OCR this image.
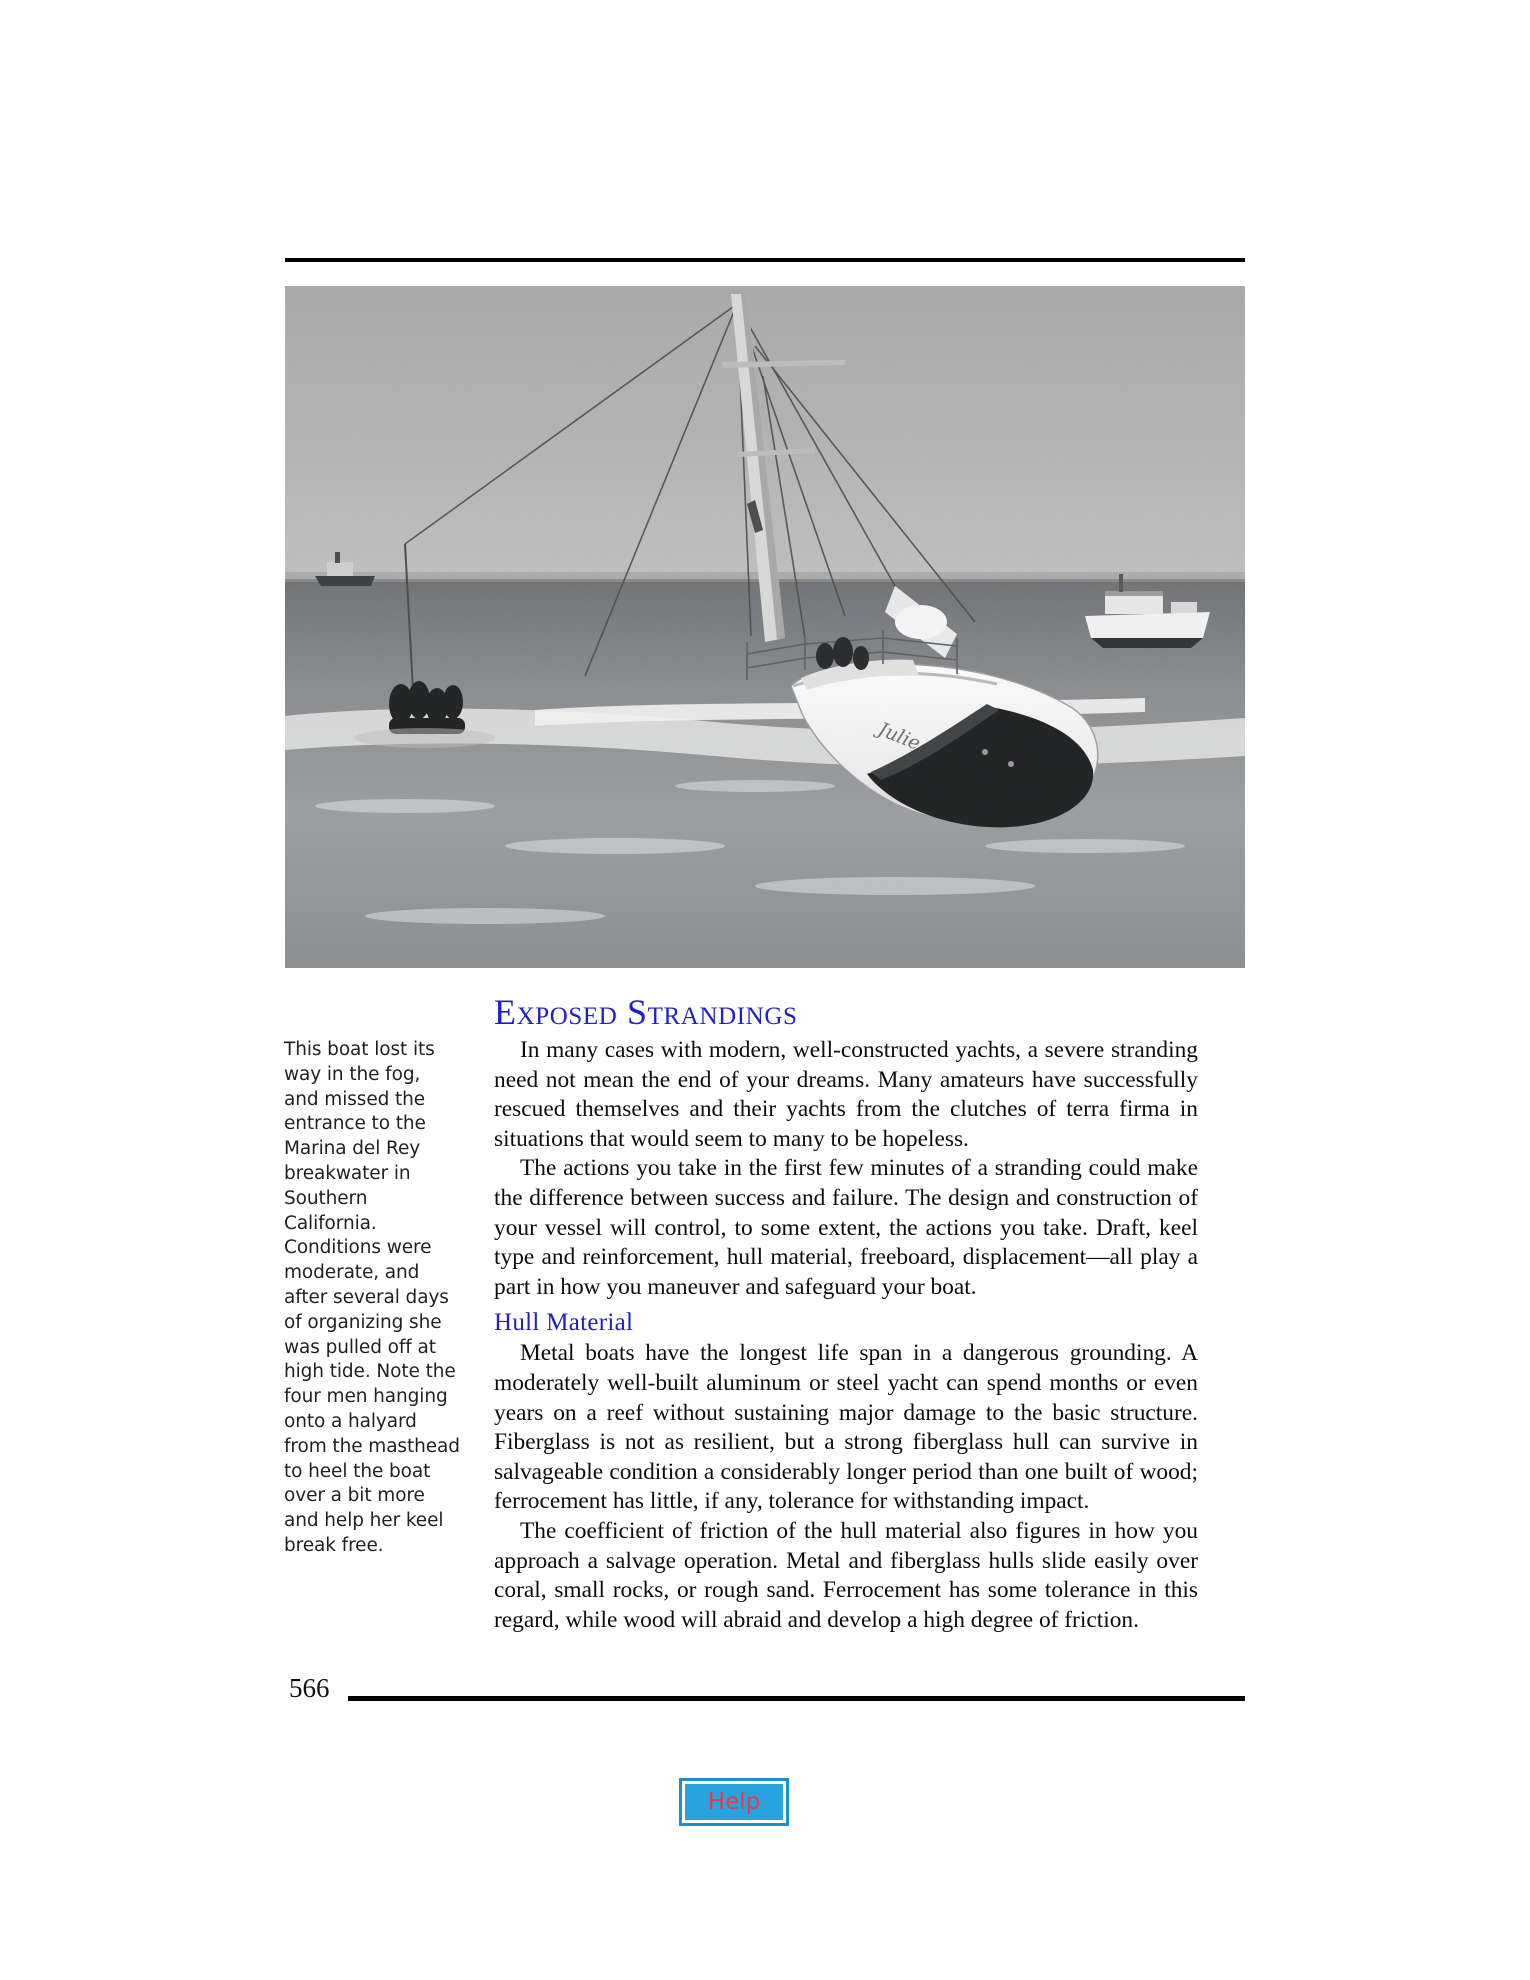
This boat lost its way in the fog, and missed the entrance to the Marina del Rey breakwater in Southern California. Conditions were moderate, and after several days of organizing she was pulled off at high tide. Note the four men hanging onto a halyard from the masthead to heel the boat over a bit more and help her keel break free.
Exposed Strandings

In many cases with modern, well-constructed yachts, a severe stranding need not mean the end of your dreams. Many amateurs have successfully rescued themselves and their yachts from the clutches of terra firma in situations that would seem to many to be hopeless.

The actions you take in the first few minutes of a stranding could make the difference between success and failure. The design and construction of your vessel will control, to some extent, the actions you take. Draft, keel type and reinforcement, hull material, freeboard, displacement—all play a part in how you maneuver and safeguard your boat.

Hull Material

Metal boats have the longest life span in a dangerous grounding. A moderately well-built aluminum or steel yacht can spend months or even years on a reef without sustaining major damage to the basic structure. Fiberglass is not as resilient, but a strong fiberglass hull can survive in salvageable condition a considerably longer period than one built of wood; ferrocement has little, if any, tolerance for withstanding impact.

The coefficient of friction of the hull material also figures in how you approach a salvage operation. Metal and fiberglass hulls slide easily over coral, small rocks, or rough sand. Ferrocement has some tolerance in this regard, while wood will abraid and develop a high degree of friction.

566
Help
